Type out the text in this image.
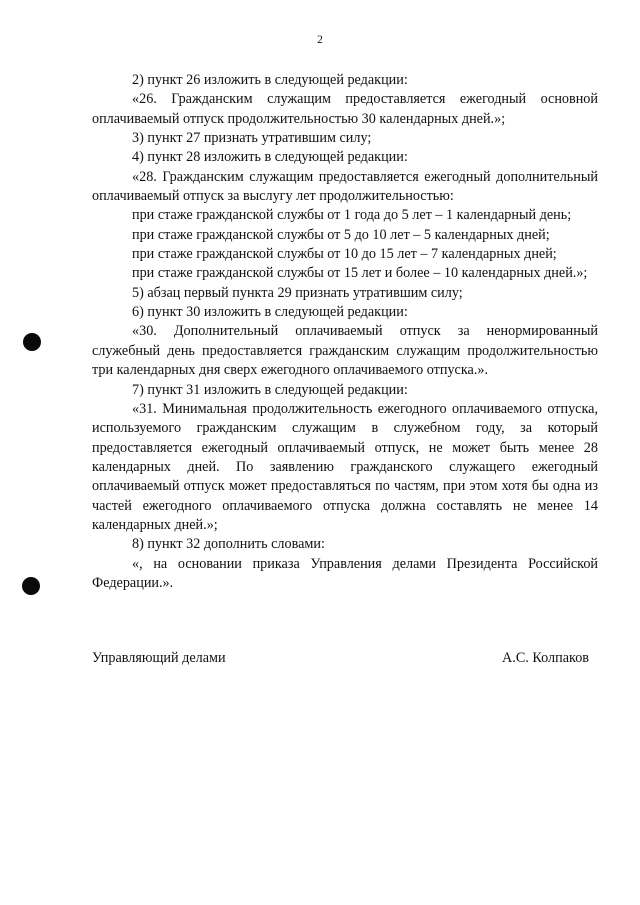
2

2) пункт 26 изложить в следующей редакции:

«26. Гражданским служащим предоставляется ежегодный основной оплачиваемый отпуск продолжительностью 30 календарных дней.»;

3) пункт 27 признать утратившим силу;

4) пункт 28 изложить в следующей редакции:

«28. Гражданским служащим предоставляется ежегодный дополнительный оплачиваемый отпуск за выслугу лет продолжительностью:

при стаже гражданской службы от 1 года до 5 лет – 1 календарный день;

при стаже гражданской службы от 5 до 10 лет – 5 календарных дней;

при стаже гражданской службы от 10 до 15 лет – 7 календарных дней;

при стаже гражданской службы от 15 лет и более – 10 календарных дней.»;

5) абзац первый пункта 29 признать утратившим силу;

6) пункт 30 изложить в следующей редакции:

«30. Дополнительный оплачиваемый отпуск за ненормированный служебный день предоставляется гражданским служащим продолжительностью три календарных дня сверх ежегодного оплачиваемого отпуска.».

7) пункт 31 изложить в следующей редакции:

«31. Минимальная продолжительность ежегодного оплачиваемого отпуска, используемого гражданским служащим в служебном году, за который предоставляется ежегодный оплачиваемый отпуск, не может быть менее 28 календарных дней. По заявлению гражданского служащего ежегодный оплачиваемый отпуск может предоставляться по частям, при этом хотя бы одна из частей ежегодного оплачиваемого отпуска должна составлять не менее 14 календарных дней.»;

8) пункт 32 дополнить словами:

«, на основании приказа Управления делами Президента Российской Федерации.».

Управляющий делами	А.С. Колпаков
